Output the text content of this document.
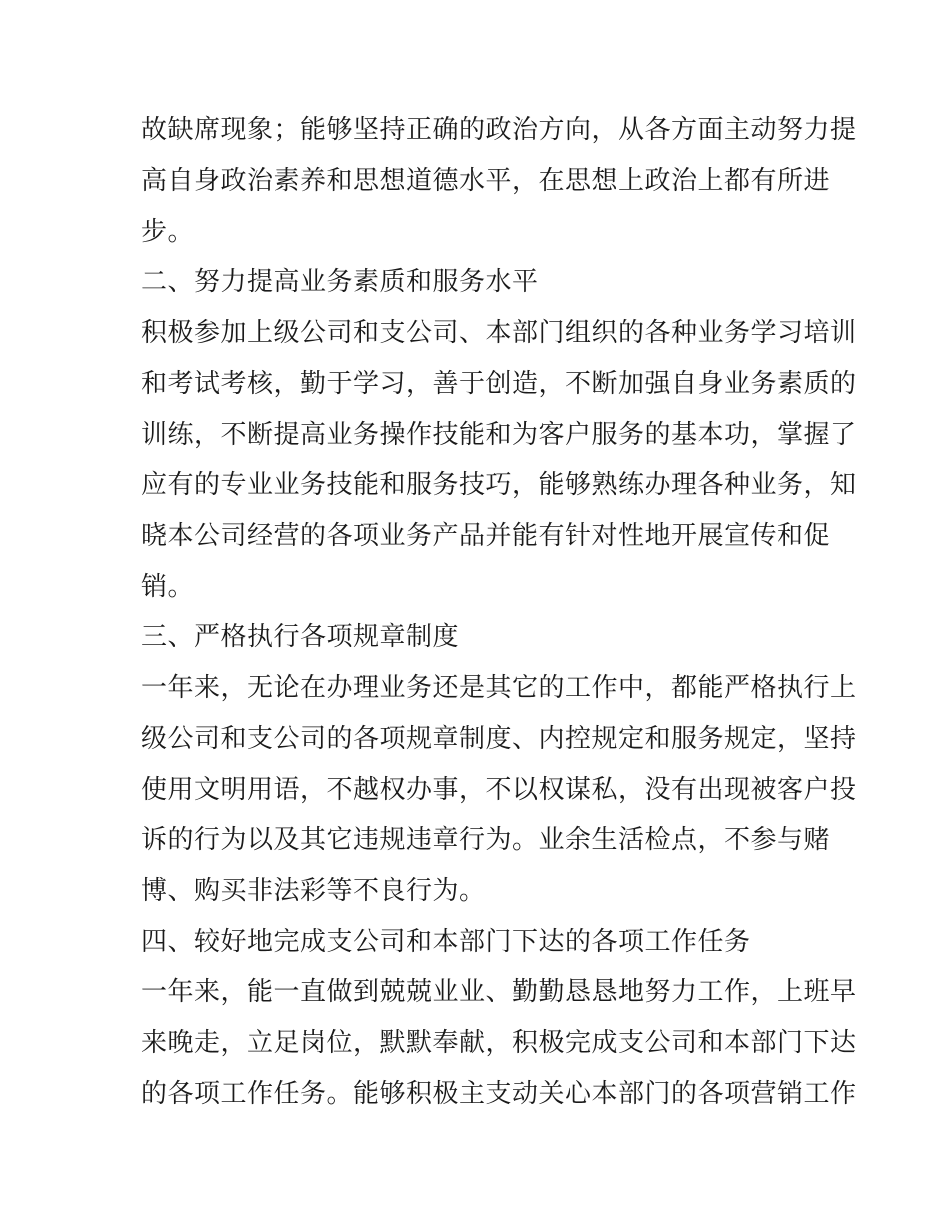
故缺席现象；能够坚持正确的政治方向，从各方面主动努力提
高自身政治素养和思想道德水平，在思想上政治上都有所进
步。
二、努力提高业务素质和服务水平
积极参加上级公司和支公司、本部门组织的各种业务学习培训
和考试考核，勤于学习，善于创造，不断加强自身业务素质的
训练，不断提高业务操作技能和为客户服务的基本功，掌握了
应有的专业业务技能和服务技巧，能够熟练办理各种业务，知
晓本公司经营的各项业务产品并能有针对性地开展宣传和促
销。
三、严格执行各项规章制度
一年来，无论在办理业务还是其它的工作中，都能严格执行上
级公司和支公司的各项规章制度、内控规定和服务规定，坚持
使用文明用语，不越权办事，不以权谋私，没有出现被客户投
诉的行为以及其它违规违章行为。业余生活检点，不参与赌
博、购买非法彩等不良行为。
四、较好地完成支公司和本部门下达的各项工作任务
一年来，能一直做到兢兢业业、勤勤恳恳地努力工作，上班早
来晚走，立足岗位，默默奉献，积极完成支公司和本部门下达
的各项工作任务。能够积极主支动关心本部门的各项营销工作
